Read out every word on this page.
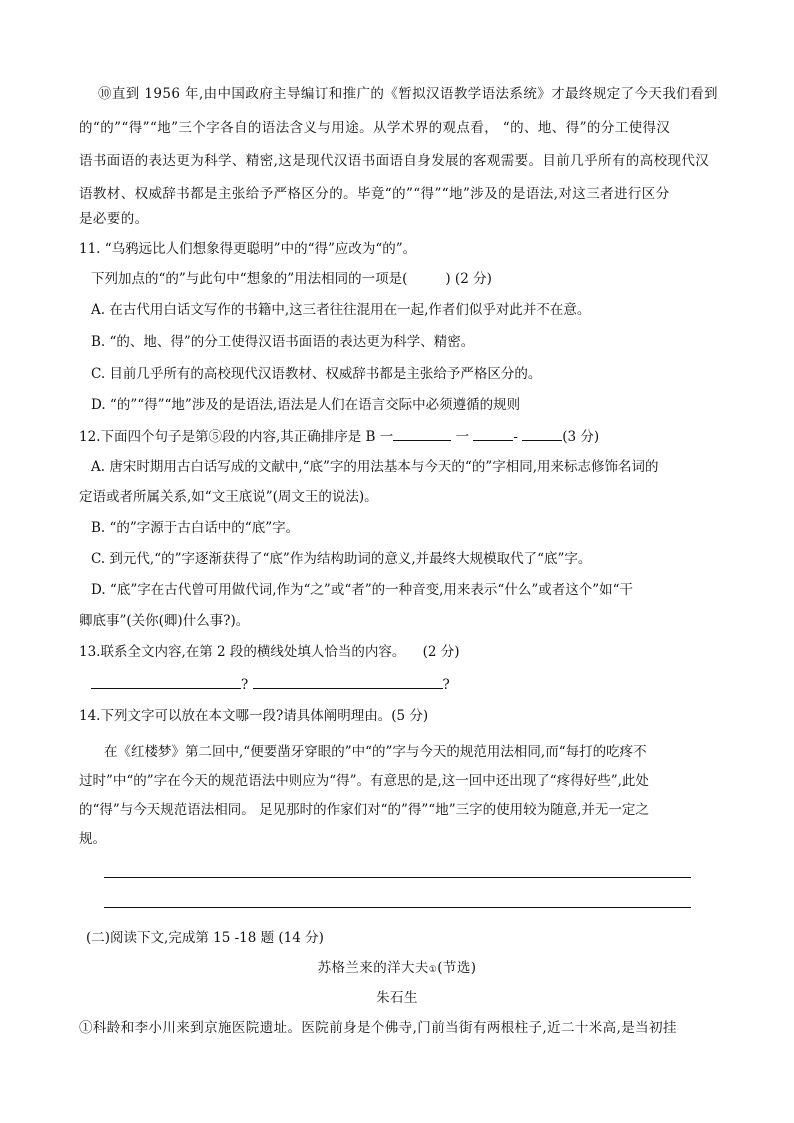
⑩直到 1956 年,由中国政府主导编订和推广的《暂拟汉语教学语法系统》才最终规定了今天我们看到
的“的”“得”“地”三个字各自的语法含义与用途。从学术界的观点看， “的、地、得”的分工使得汉
语书面语的表达更为科学、精密,这是现代汉语书面语自身发展的客观需要。目前几乎所有的高校现代汉
语教材、权威辞书都是主张给予严格区分的。毕竟“的”“得”“地”涉及的是语法,对这三者进行区分
是必要的。
11. “乌鸦远比人们想象得更聪明”中的“得”应改为“的”。
下列加点的“的”与此句中“想象的”用法相同的一项是(	) (2 分)
A. 在古代用白话文写作的书籍中,这三者往往混用在一起,作者们似乎对此并不在意。
B. “的、地、得”的分工使得汉语书面语的表达更为科学、精密。
C. 目前几乎所有的高校现代汉语教材、权威辞书都是主张给予严格区分的。
D. “的”“得”“地”涉及的是语法,语法是人们在语言交际中必须遵循的规则
12.下面四个句子是第⑤段的内容,其正确排序是 B 一	一	-	(3 分)
A. 唐宋时期用古白话写成的文献中,“底”字的用法基本与今天的“的”字相同,用来标志修饰名词的
定语或者所属关系,如“文王底说”(周文王的说法)。
B. “的”字源于古白话中的“底”字。
C. 到元代,“的”字逐渐获得了“底”作为结构助词的意义,并最终大规模取代了“底”字。
D. “底”字在古代曾可用做代词,作为“之”或“者”的一种音变,用来表示“什么”或者这个”如“干
卿底事”(关你(卿)什么事?)。
13.联系全文内容,在第 2 段的横线处填人恰当的内容。 (2 分)
?	?
14.下列文字可以放在本文哪一段?请具体阐明理由。(5 分)
在《红楼梦》第二回中,“便要凿牙穿眼的”中“的”字与今天的规范用法相同,而“每打的吃疼不
过时”中“的”字在今天的规范语法中则应为“得”。有意思的是,这一回中还出现了“疼得好些”,此处
的“得”与今天规范语法相同。 足见那时的作家们对“的”得”“地”三字的使用较为随意,并无一定之
规。
(二)阅读下文,完成第 15 -18 题 (14 分)
苏格兰来的洋大夫①(节选)
朱石生
①科龄和李小川来到京施医院遗址。医院前身是个佛寺,门前当街有两根柱子,近二十米高,是当初挂
